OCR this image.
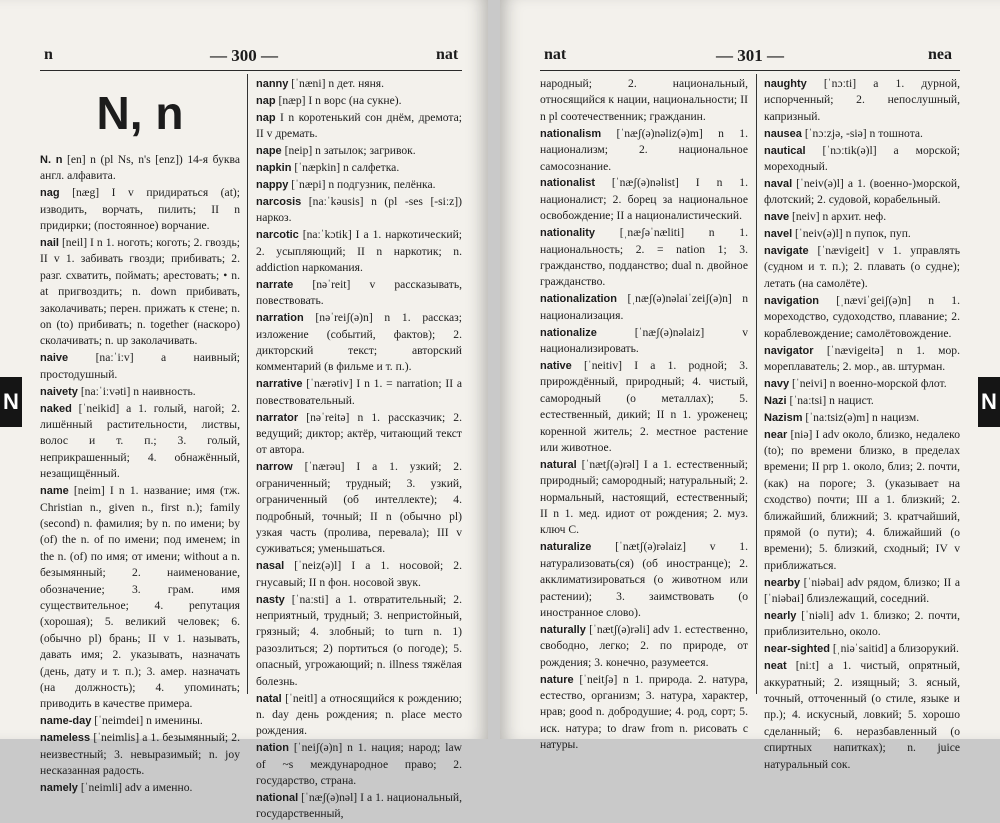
n	— 300 —	nat
N, n
N. n [en] n (pl Ns, n's [enz]) 14-я буква англ. алфавита.
nag [næg] I v придираться (at); изводить, ворчать, пилить; II n придирки; (постоянное) ворчание.
nail [neil] I n 1. ноготь; коготь; 2. гвоздь; II v 1. забивать гвозди; прибивать; 2. разг. схватить, поймать; арестовать; • n. at пригвоздить; n. down прибивать, заколачивать; перен. прижать к стене; n. on (to) прибивать; n. together (наскоро) сколачивать; n. up заколачивать.
naive [naːˈiːv] a наивный; простодушный.
naivety [naːˈiːvəti] n наивность.
naked [ˈneikid] a 1. голый, нагой; 2. лишённый растительности, листвы, волос и т. п.; 3. голый, неприкрашенный; 4. обнажённый, незащищённый.
name [neim] I n 1. название; имя (тж. Christian n., given n., first n.); family (second) n. фамилия; by n. по имени; by (of) the n. of по имени; под именем; in the n. (of) по имя; от имени; without a n. безымянный; 2. наименование, обозначение; 3. грам. имя существительное; 4. репутация (хорошая); 5. великий человек; 6. (обычно pl) брань; II v 1. называть, давать имя; 2. указывать, назначать (день, дату и т. п.); 3. амер. назначать (на должность); 4. упоминать; приводить в качестве примера.
name-day [ˈneimdei] n именины.
nameless [ˈneimlis] a 1. безымянный; 2. неизвестный; 3. невыразимый; n. joy несказанная радость.
namely [ˈneimli] adv а именно.
nanny [ˈnæni] n дет. няня.
nap [næp] I n ворс (на сукне).
nap I n коротенький сон днём, дремота; II v дремать.
nape [neip] n затылок; загривок.
napkin [ˈnæpkin] n салфетка.
nappy [ˈnæpi] n подгузник, пелёнка.
narcosis [naːˈkəusis] n (pl -ses [-siːz]) наркоз.
narcotic [naːˈkɔtik] I a 1. наркотический; 2. усыпляющий; II n наркотик; n. addiction наркомания.
narrate [nəˈreit] v рассказывать, повествовать.
narration [nəˈreiʃ(ə)n] n 1. рассказ; изложение (событий, фактов); 2. дикторский текст; авторский комментарий (в фильме и т. п.).
narrative [ˈnærətiv] I n 1. = narration; II a повествовательный.
narrator [nəˈreitə] n 1. рассказчик; 2. ведущий; диктор; актёр, читающий текст от автора.
narrow [ˈnærəu] I a 1. узкий; 2. ограниченный; трудный; 3. узкий, ограниченный (об интеллекте); 4. подробный, точный; II n (обычно pl) узкая часть (пролива, перевала); III v суживаться; уменьшаться.
nasal [ˈneiz(ə)l] I a 1. носовой; 2. гнусавый; II n фон. носовой звук.
nasty [ˈnaːsti] a 1. отвратительный; 2. неприятный, трудный; 3. непристойный, грязный; 4. злобный; to turn n. 1) разозлиться; 2) портиться (о погоде); 5. опасный, угрожающий; n. illness тяжёлая болезнь.
natal [ˈneitl] a относящийся к рождению; n. day день рождения; n. place место рождения.
nation [ˈneiʃ(ə)n] n 1. нация; народ; law of ~s международное право; 2. государство, страна.
national [ˈnæʃ(ə)nəl] I a 1. национальный, государственный,
N
nat	— 301 —	nea
народный; 2. национальный, относящийся к нации, национальности; II n pl соотечественник; гражданин.
nationalism [ˈnæʃ(ə)nəliz(ə)m] n 1. национализм; 2. национальное самосознание.
nationalist [ˈnæʃ(ə)nəlist] I n 1. националист; 2. борец за национальное освобождение; II a националистический.
nationality [ˌnæʃəˈnæliti] n 1. национальность; 2. = nation 1; 3. гражданство, подданство; dual n. двойное гражданство.
nationalization [ˌnæʃ(ə)nəlaiˈzeiʃ(ə)n] n национализация.
nationalize [ˈnæʃ(ə)nəlaiz] v национализировать.
native [ˈneitiv] I a 1. родной; 3. прирождённый, природный; 4. чистый, самородный (о металлах); 5. естественный, дикий; II n 1. уроженец; коренной житель; 2. местное растение или животное.
natural [ˈnætʃ(ə)rəl] I a 1. естественный; природный; самородный; натуральный; 2. нормальный, настоящий, естественный; II n 1. мед. идиот от рождения; 2. муз. ключ С.
naturalize [ˈnætʃ(ə)rəlaiz] v 1. натурализовать(ся) (об иностранце); 2. акклиматизироваться (о животном или растении); 3. заимствовать (о иностранное слово).
naturally [ˈnætʃ(ə)rəli] adv 1. естественно, свободно, легко; 2. по природе, от рождения; 3. конечно, разумеется.
nature [ˈneitʃə] n 1. природа. 2. натура, естество, организм; 3. натура, характер, нрав; good n. добродушие; 4. род, сорт; 5. иск. натура; to draw from n. рисовать с натуры.
naughty [ˈnɔːti] a 1. дурной, испорченный; 2. непослушный, капризный.
nausea [ˈnɔːzjə, -siə] n тошнота.
nautical [ˈnɔːtik(ə)l] a морской; мореходный.
naval [ˈneiv(ə)l] a 1. (военно-)морской, флотский; 2. судовой, корабельный.
nave [neiv] n архит. неф.
navel [ˈneiv(ə)l] n пупок, пуп.
navigate [ˈnævigeit] v 1. управлять (судном и т. п.); 2. плавать (о судне); летать (на самолёте).
navigation [ˌnæviˈgeiʃ(ə)n] n 1. мореходство, судоходство, плавание; 2. кораблевождение; самолётовождение.
navigator [ˈnævigeitə] n 1. мор. мореплаватель; 2. мор., ав. штурман.
navy [ˈneivi] n военно-морской флот.
Nazi [ˈnaːtsi] n нацист.
Nazism [ˈnaːtsiz(ə)m] n нацизм.
near [niə] I adv около, близко, недалеко (to); по времени близко, в пределах времени; II prp 1. около, близ; 2. почти, (как) на пороге; 3. (указывает на сходство) почти; III a 1. близкий; 2. ближайший, ближний; 3. кратчайший, прямой (о пути); 4. ближайший (о времени); 5. близкий, сходный; IV v приближаться.
nearby [ˈniəbai] adv рядом, близко; II a [ˈniəbai] близлежащий, соседний.
nearly [ˈniəli] adv 1. близко; 2. почти, приблизительно, около.
near-sighted [ˌniəˈsaitid] a близорукий.
neat [niːt] a 1. чистый, опрятный, аккуратный; 2. изящный; 3. ясный, точный, отточенный (о стиле, языке и пр.); 4. искусный, ловкий; 5. хорошо сделанный; 6. неразбавленный (о спиртных напитках); n. juice натуральный сок.
N
